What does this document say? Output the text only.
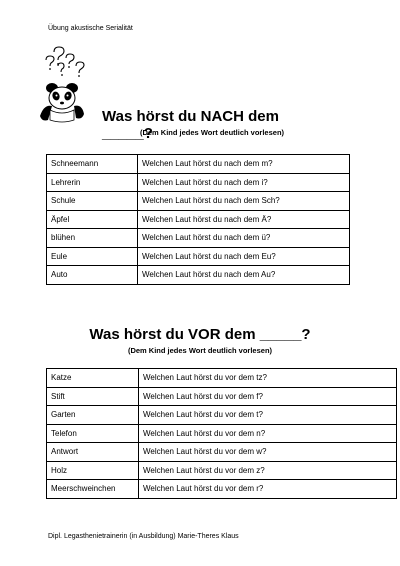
Übung akustische Serialität
Was hörst du NACH dem _____?
(Dem Kind jedes Wort deutlich vorlesen)
Schneemann	Welchen Laut hörst du nach dem m?
Lehrerin	Welchen Laut hörst du nach dem i?
Schule	Welchen Laut hörst du nach dem Sch?
Äpfel	Welchen Laut hörst du nach dem Ä?
blühen	Welchen Laut hörst du nach dem ü?
Eule	Welchen Laut hörst du nach dem Eu?
Auto	Welchen Laut hörst du nach dem Au?
Was hörst du VOR dem _____?
(Dem Kind jedes Wort deutlich vorlesen)
Katze	Welchen Laut hörst du vor dem tz?
Stift	Welchen Laut hörst du vor dem f?
Garten	Welchen Laut hörst du vor dem t?
Telefon	Welchen Laut hörst du vor dem n?
Antwort	Welchen Laut hörst du vor dem w?
Holz	Welchen Laut hörst du vor dem z?
Meerschweinchen	Welchen Laut hörst du vor dem r?
Dipl. Legasthenietrainerin (in Ausbildung) Marie-Theres Klaus
